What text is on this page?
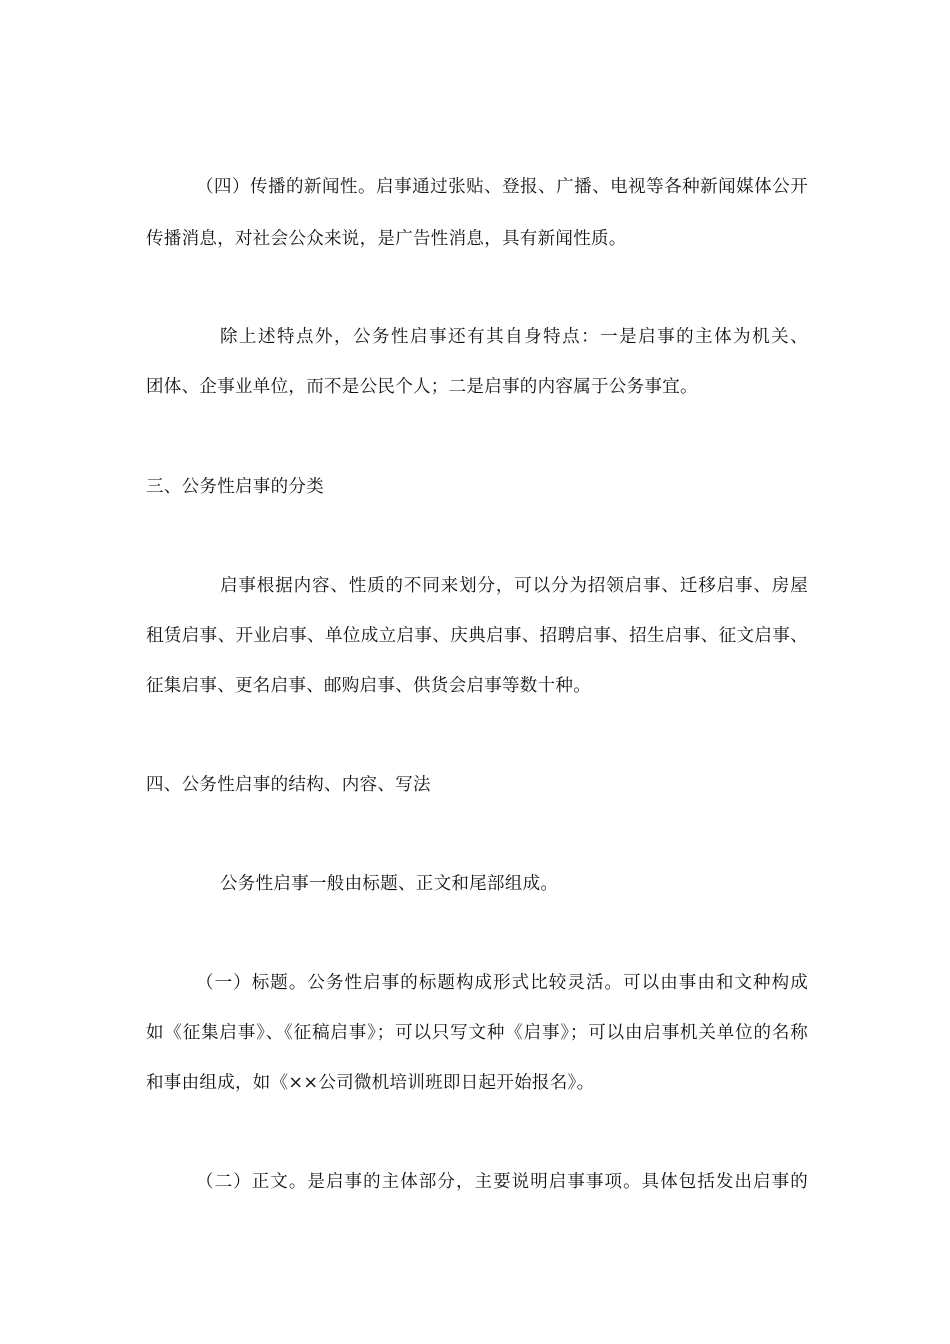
（四）传播的新闻性。启事通过张贴、登报、广播、电视等各种新闻媒体公开
传播消息，对社会公众来说，是广告性消息，具有新闻性质。
除上述特点外，公务性启事还有其自身特点：一是启事的主体为机关、
团体、企事业单位，而不是公民个人；二是启事的内容属于公务事宜。
三、公务性启事的分类
启事根据内容、性质的不同来划分，可以分为招领启事、迁移启事、房屋
租赁启事、开业启事、单位成立启事、庆典启事、招聘启事、招生启事、征文启事、
征集启事、更名启事、邮购启事、供货会启事等数十种。
四、公务性启事的结构、内容、写法
公务性启事一般由标题、正文和尾部组成。
（一）标题。公务性启事的标题构成形式比较灵活。可以由事由和文种构成
如《征集启事》、《征稿启事》；可以只写文种《启事》；可以由启事机关单位的名称
和事由组成，如《××公司微机培训班即日起开始报名》。
（二）正文。是启事的主体部分，主要说明启事事项。具体包括发出启事的
